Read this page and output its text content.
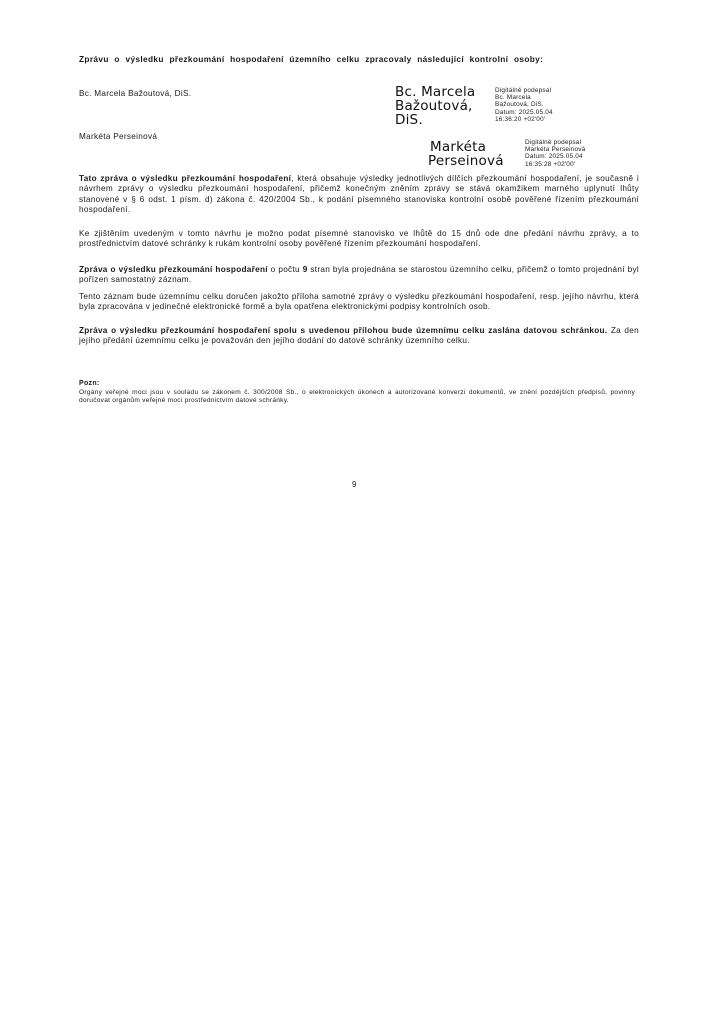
Zprávu o výsledku přezkoumání hospodaření územního celku zpracovaly následující kontrolní osoby:
Bc. Marcela Bažoutová, DiS.	Bc. Marcela
Bažoutová,
DiS.
Digitálně podepsal
Bc. Marcela
Bažoutová, DiS.
Datum: 2025.05.04
16:36:20 +02'00'
Markéta Perseinová
Markéta
Perseinová
Digitálně podepsal
Markéta Perseinová
Datum: 2025.05.04
16:35:28 +02'00'
Tato zpráva o výsledku přezkoumání hospodaření, která obsahuje výsledky jednotlivých dílčích přezkoumání hospodaření, je současně i návrhem zprávy o výsledku přezkoumání hospodaření, přičemž konečným zněním zprávy se stává okamžikem marného uplynutí lhůty stanovené v § 6 odst. 1 písm. d) zákona č. 420/2004 Sb., k podání písemného stanoviska kontrolní osobě pověřené řízením přezkoumání hospodaření.
Ke zjištěním uvedeným v tomto návrhu je možno podat písemné stanovisko ve lhůtě do 15 dnů ode dne předání návrhu zprávy, a to prostřednictvím datové schránky k rukám kontrolní osoby pověřené řízením přezkoumání hospodaření.
Zpráva o výsledku přezkoumání hospodaření o počtu 9 stran byla projednána se starostou územního celku, přičemž o tomto projednání byl pořízen samostatný záznam.
Tento záznam bude územnímu celku doručen jakožto příloha samotné zprávy o výsledku přezkoumání hospodaření, resp. jejího návrhu, která byla zpracována v jedinečné elektronické formě a byla opatřena elektronickými podpisy kontrolních osob.
Zpráva o výsledku přezkoumání hospodaření spolu s uvedenou přílohou bude územnímu celku zaslána datovou schránkou. Za den jejího předání územnímu celku je považován den jejího dodání do datové schránky územního celku.
Pozn:
Orgány veřejné moci jsou v souladu se zákonem č. 300/2008 Sb., o elektronických úkonech a autorizované konverzi dokumentů, ve znění pozdějších předpisů, povinny doručovat orgánům veřejné moci prostřednictvím datové schránky.
9
